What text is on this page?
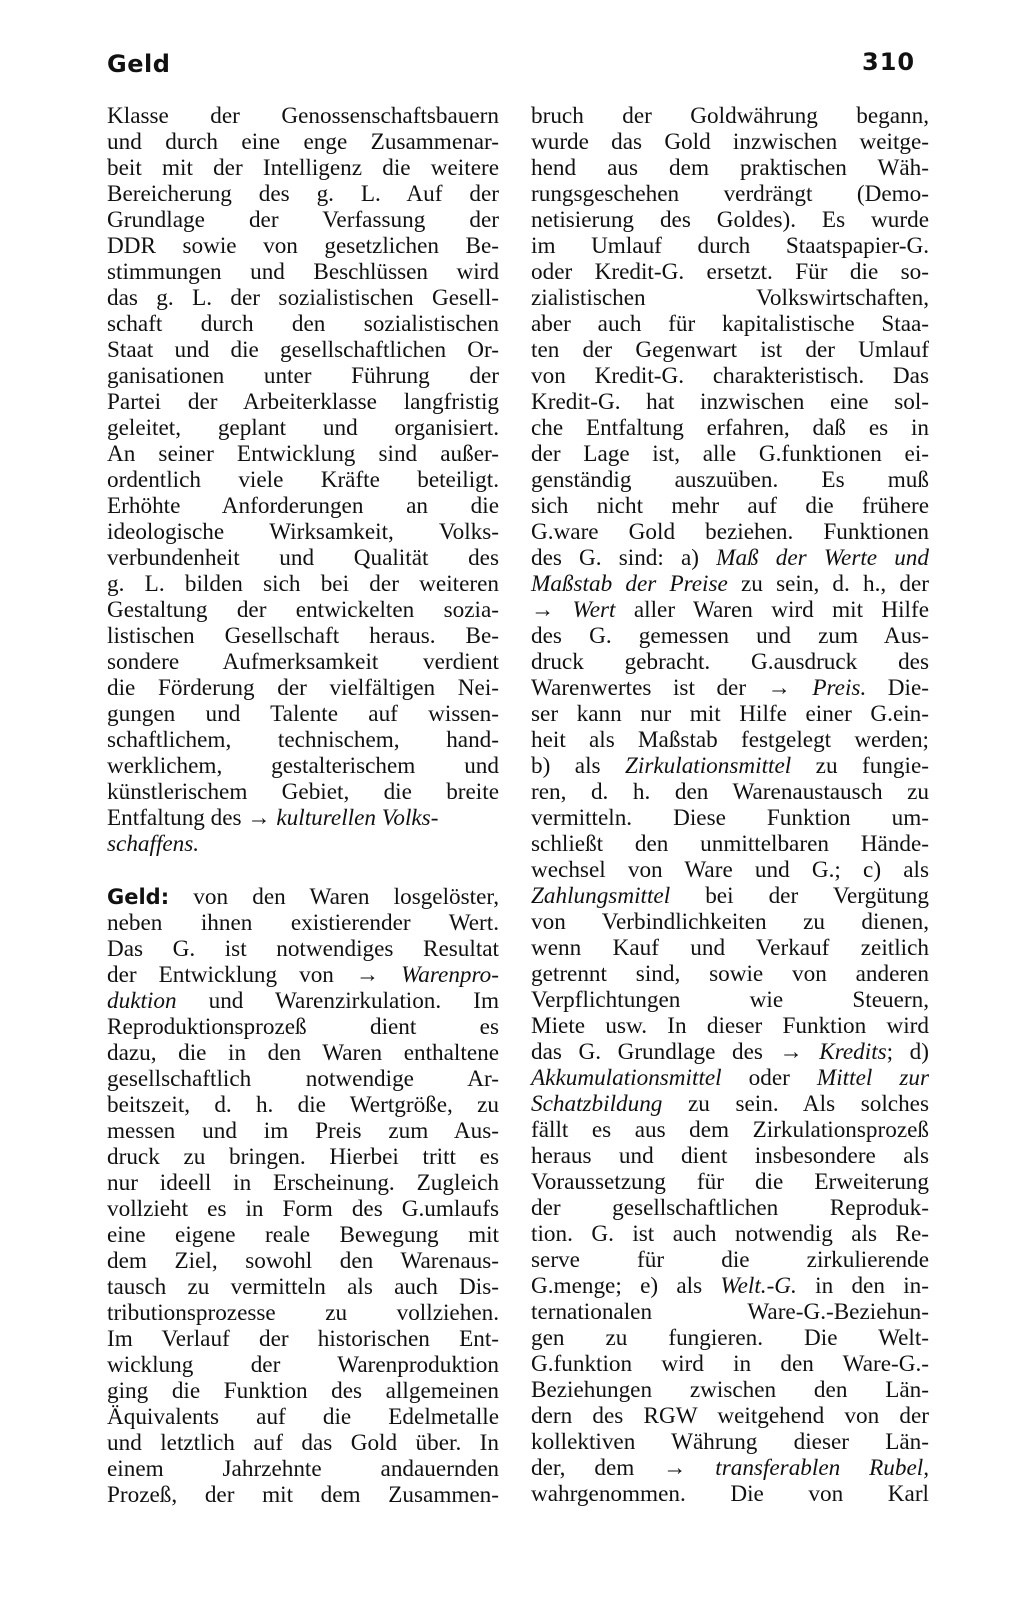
Geld	310
Klasse der Genossenschaftsbauern
und durch eine enge Zusammenar-
beit mit der Intelligenz die weitere
Bereicherung des g. L. Auf der
Grundlage der Verfassung der
DDR sowie von gesetzlichen Be-
stimmungen und Beschlüssen wird
das g. L. der sozialistischen Gesell-
schaft durch den sozialistischen
Staat und die gesellschaftlichen Or-
ganisationen unter Führung der
Partei der Arbeiterklasse langfristig
geleitet, geplant und organisiert.
An seiner Entwicklung sind außer-
ordentlich viele Kräfte beteiligt.
Erhöhte Anforderungen an die
ideologische Wirksamkeit, Volks-
verbundenheit und Qualität des
g. L. bilden sich bei der weiteren
Gestaltung der entwickelten sozia-
listischen Gesellschaft heraus. Be-
sondere Aufmerksamkeit verdient
die Förderung der vielfältigen Nei-
gungen und Talente auf wissen-
schaftlichem, technischem, hand-
werklichem, gestalterischem und
künstlerischem Gebiet, die breite
Entfaltung des → kulturellen Volks-
schaffens.
Geld: von den Waren losgelöster,
neben ihnen existierender Wert.
Das G. ist notwendiges Resultat
der Entwicklung von → Warenpro-
duktion und Warenzirkulation. Im
Reproduktionsprozeß dient es
dazu, die in den Waren enthaltene
gesellschaftlich notwendige Ar-
beitszeit, d. h. die Wertgröße, zu
messen und im Preis zum Aus-
druck zu bringen. Hierbei tritt es
nur ideell in Erscheinung. Zugleich
vollzieht es in Form des G.umlaufs
eine eigene reale Bewegung mit
dem Ziel, sowohl den Warenaus-
tausch zu vermitteln als auch Dis-
tributionsprozesse zu vollziehen.
Im Verlauf der historischen Ent-
wicklung der Warenproduktion
ging die Funktion des allgemeinen
Äquivalents auf die Edelmetalle
und letztlich auf das Gold über. In
einem Jahrzehnte andauernden
Prozeß, der mit dem Zusammen-
bruch der Goldwährung begann,
wurde das Gold inzwischen weitge-
hend aus dem praktischen Wäh-
rungsgeschehen verdrängt (Demo-
netisierung des Goldes). Es wurde
im Umlauf durch Staatspapier-G.
oder Kredit-G. ersetzt. Für die so-
zialistischen Volkswirtschaften,
aber auch für kapitalistische Staa-
ten der Gegenwart ist der Umlauf
von Kredit-G. charakteristisch. Das
Kredit-G. hat inzwischen eine sol-
che Entfaltung erfahren, daß es in
der Lage ist, alle G.funktionen ei-
genständig auszuüben. Es muß
sich nicht mehr auf die frühere
G.ware Gold beziehen. Funktionen
des G. sind: a) Maß der Werte und
Maßstab der Preise zu sein, d. h., der
→ Wert aller Waren wird mit Hilfe
des G. gemessen und zum Aus-
druck gebracht. G.ausdruck des
Warenwertes ist der → Preis. Die-
ser kann nur mit Hilfe einer G.ein-
heit als Maßstab festgelegt werden;
b) als Zirkulationsmittel zu fungie-
ren, d. h. den Warenaustausch zu
vermitteln. Diese Funktion um-
schließt den unmittelbaren Hände-
wechsel von Ware und G.; c) als
Zahlungsmittel bei der Vergütung
von Verbindlichkeiten zu dienen,
wenn Kauf und Verkauf zeitlich
getrennt sind, sowie von anderen
Verpflichtungen wie Steuern,
Miete usw. In dieser Funktion wird
das G. Grundlage des → Kredits; d)
Akkumulationsmittel oder Mittel zur
Schatzbildung zu sein. Als solches
fällt es aus dem Zirkulationsprozeß
heraus und dient insbesondere als
Voraussetzung für die Erweiterung
der gesellschaftlichen Reproduk-
tion. G. ist auch notwendig als Re-
serve für die zirkulierende
G.menge; e) als Welt.-G. in den in-
ternationalen Ware-G.-Beziehun-
gen zu fungieren. Die Welt-
G.funktion wird in den Ware-G.-
Beziehungen zwischen den Län-
dern des RGW weitgehend von der
kollektiven Währung dieser Län-
der, dem → transferablen Rubel,
wahrgenommen. Die von Karl
